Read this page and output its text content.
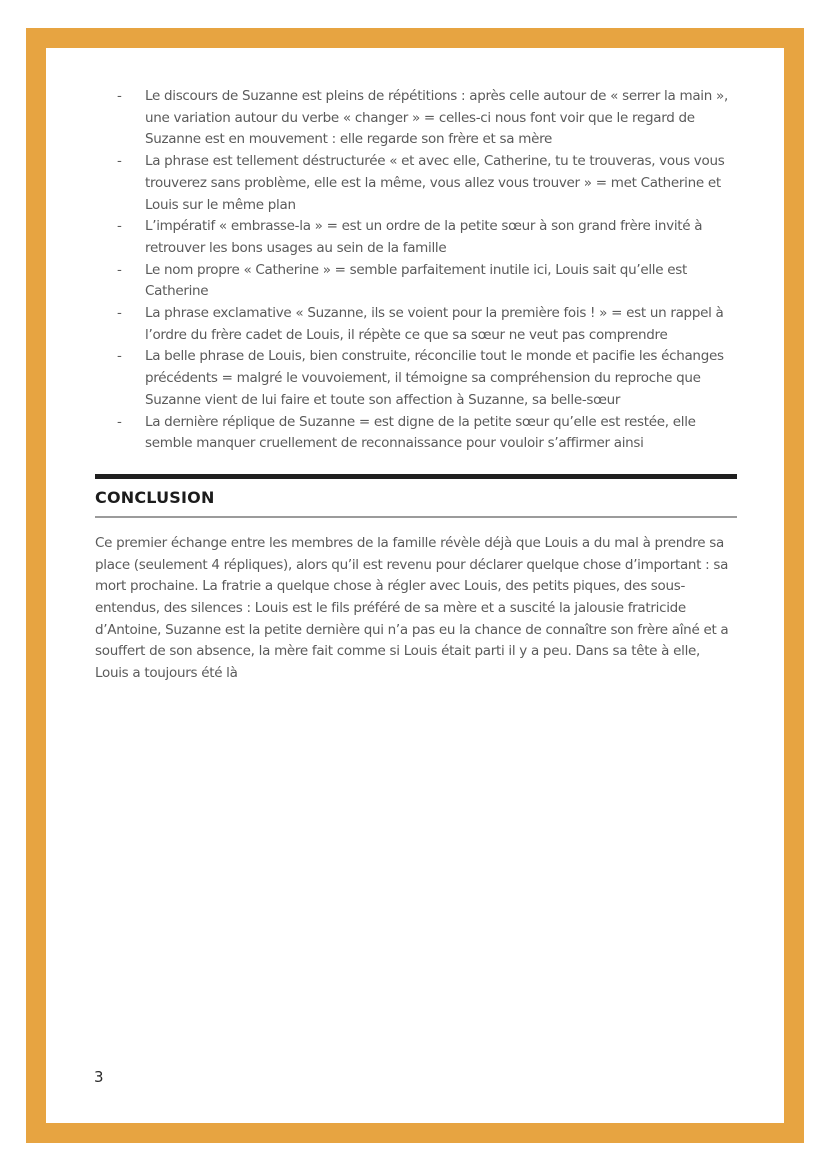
- Le discours de Suzanne est pleins de répétitions : après celle autour de « serrer la main », une variation autour du verbe « changer » = celles-ci nous font voir que le regard de Suzanne est en mouvement : elle regarde son frère et sa mère
- La phrase est tellement déstructurée « et avec elle, Catherine, tu te trouveras, vous vous trouverez sans problème, elle est la même, vous allez vous trouver » = met Catherine et Louis sur le même plan
- L’impératif « embrasse-la » = est un ordre de la petite sœur à son grand frère invité à retrouver les bons usages au sein de la famille
- Le nom propre « Catherine » = semble parfaitement inutile ici, Louis sait qu’elle est Catherine
- La phrase exclamative « Suzanne, ils se voient pour la première fois ! » = est un rappel à l’ordre du frère cadet de Louis, il répète ce que sa sœur ne veut pas comprendre
- La belle phrase de Louis, bien construite, réconcilie tout le monde et pacifie les échanges précédents = malgré le vouvoiement, il témoigne sa compréhension du reproche que Suzanne vient de lui faire et toute son affection à Suzanne, sa belle-sœur
- La dernière réplique de Suzanne = est digne de la petite sœur qu’elle est restée, elle semble manquer cruellement de reconnaissance pour vouloir s’affirmer ainsi
CONCLUSION

Ce premier échange entre les membres de la famille révèle déjà que Louis a du mal à prendre sa place (seulement 4 répliques), alors qu’il est revenu pour déclarer quelque chose d’important : sa mort prochaine. La fratrie a quelque chose à régler avec Louis, des petits piques, des sous-entendus, des silences : Louis est le fils préféré de sa mère et a suscité la jalousie fratricide d’Antoine, Suzanne est la petite dernière qui n’a pas eu la chance de connaître son frère aîné et a souffert de son absence, la mère fait comme si Louis était parti il y a peu. Dans sa tête à elle, Louis a toujours été là

3
